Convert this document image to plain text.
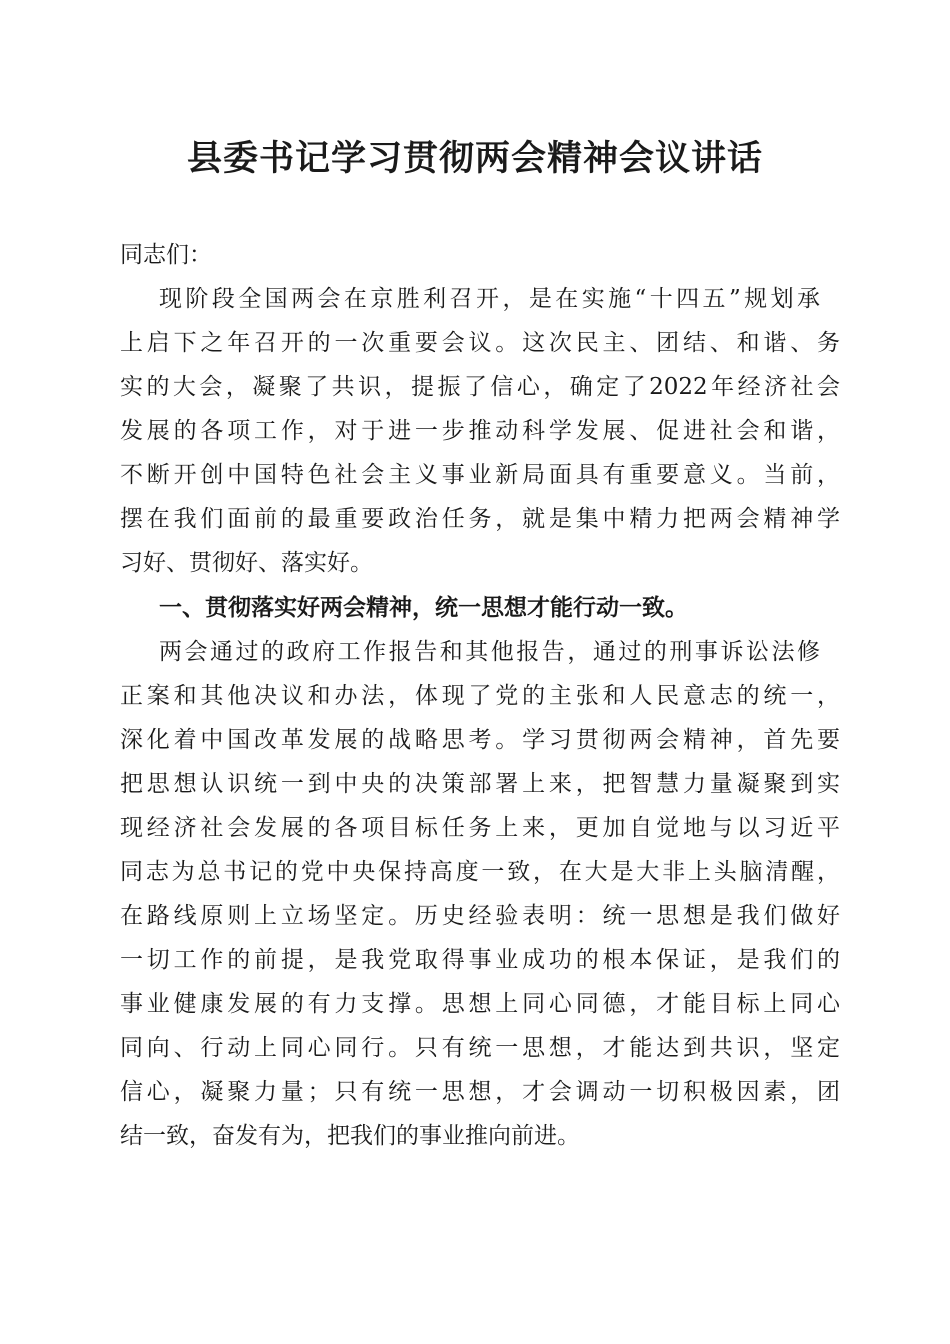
县委书记学习贯彻两会精神会议讲话
同志们：
现阶段全国两会在京胜利召开，是在实施“十四五”规划承
上启下之年召开的一次重要会议。这次民主、团结、和谐、务
实的大会，凝聚了共识，提振了信心，确定了2022年经济社会
发展的各项工作，对于进一步推动科学发展、促进社会和谐，
不断开创中国特色社会主义事业新局面具有重要意义。当前，
摆在我们面前的最重要政治任务，就是集中精力把两会精神学
习好、贯彻好、落实好。
一、贯彻落实好两会精神，统一思想才能行动一致。
两会通过的政府工作报告和其他报告，通过的刑事诉讼法修
正案和其他决议和办法，体现了党的主张和人民意志的统一，
深化着中国改革发展的战略思考。学习贯彻两会精神，首先要
把思想认识统一到中央的决策部署上来，把智慧力量凝聚到实
现经济社会发展的各项目标任务上来，更加自觉地与以习近平
同志为总书记的党中央保持高度一致，在大是大非上头脑清醒，
在路线原则上立场坚定。历史经验表明：统一思想是我们做好
一切工作的前提，是我党取得事业成功的根本保证，是我们的
事业健康发展的有力支撑。思想上同心同德，才能目标上同心
同向、行动上同心同行。只有统一思想，才能达到共识，坚定
信心，凝聚力量；只有统一思想，才会调动一切积极因素，团
结一致，奋发有为，把我们的事业推向前进。
